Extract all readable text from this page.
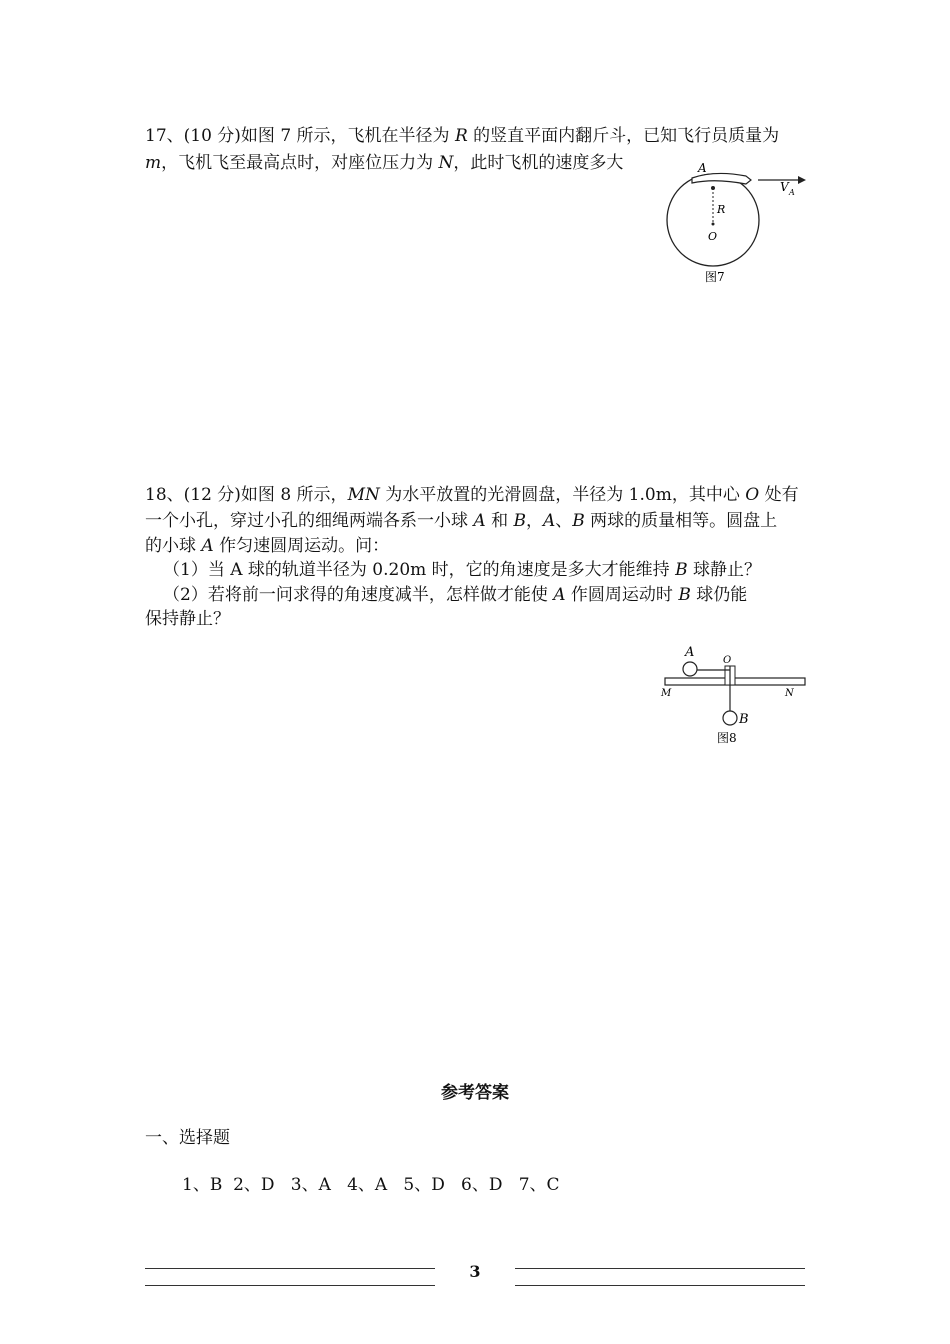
17、(10 分)如图 7 所示，飞机在半径为 R 的竖直平面内翻斤斗，已知飞行员质量为
m，飞机飞至最高点时，对座位压力为 N，此时飞机的速度多大	A
V A
R
O
图7
18、(12 分)如图 8 所示，MN 为水平放置的光滑圆盘，半径为 1.0m，其中心 O 处有
一个小孔，穿过小孔的细绳两端各系一小球 A 和 B，A、B 两球的质量相等。圆盘上
的小球 A 作匀速圆周运动。问：
（1）当 A 球的轨道半径为 0.20m 时，它的角速度是多大才能维持 B 球静止？
（2）若将前一问求得的角速度减半，怎样做才能使 A 作圆周运动时 B 球仍能
保持静止？
A
O
M	N
B
图8
参考答案
一、选择题
1、B  2、D   3、A   4、A   5、D   6、D   7、C
3
